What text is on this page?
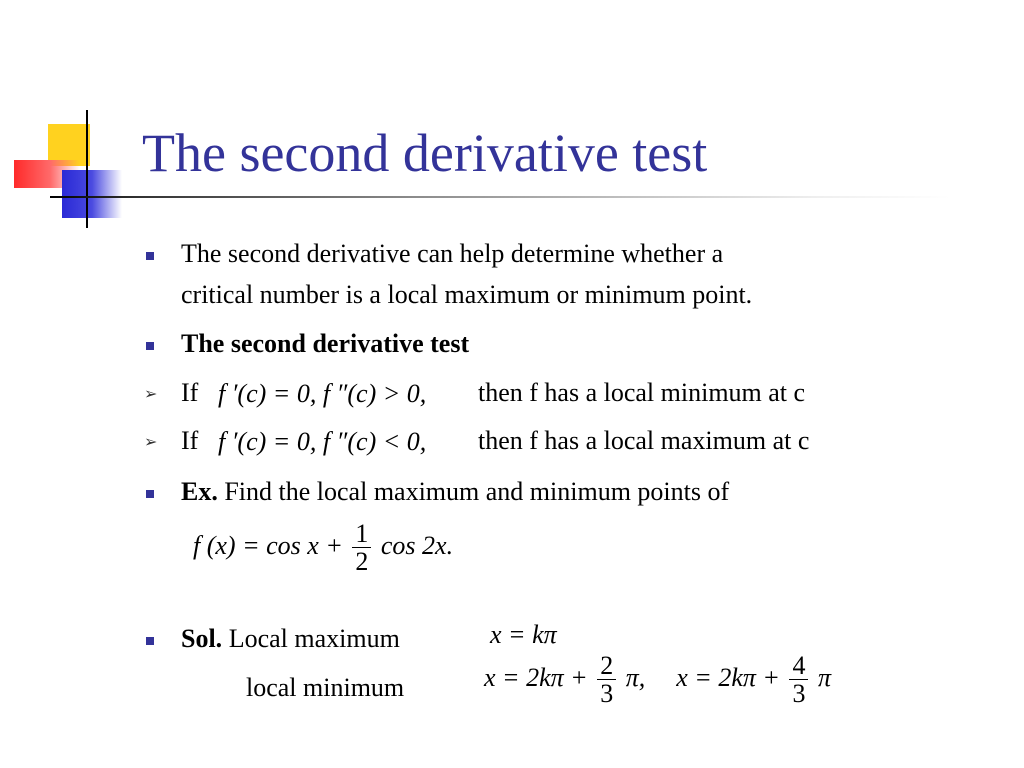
The second derivative test
The second derivative can help determine whether a
critical number is a local maximum or minimum point.
The second derivative test
➢ If f ′(c) = 0, f ″(c) > 0, then f has a local minimum at c
➢ If f ′(c) = 0, f ″(c) < 0, then f has a local maximum at c
Ex. Find the local maximum and minimum points of
f $(x) = \cos x + \frac{1}{2}$ cos 2x.
Sol. Local maximum	x = kπ
local minimum	$x = 2k\pi + \frac{2}{3} \pi$, $x = 2k\pi + \frac{4}{3}$ π
